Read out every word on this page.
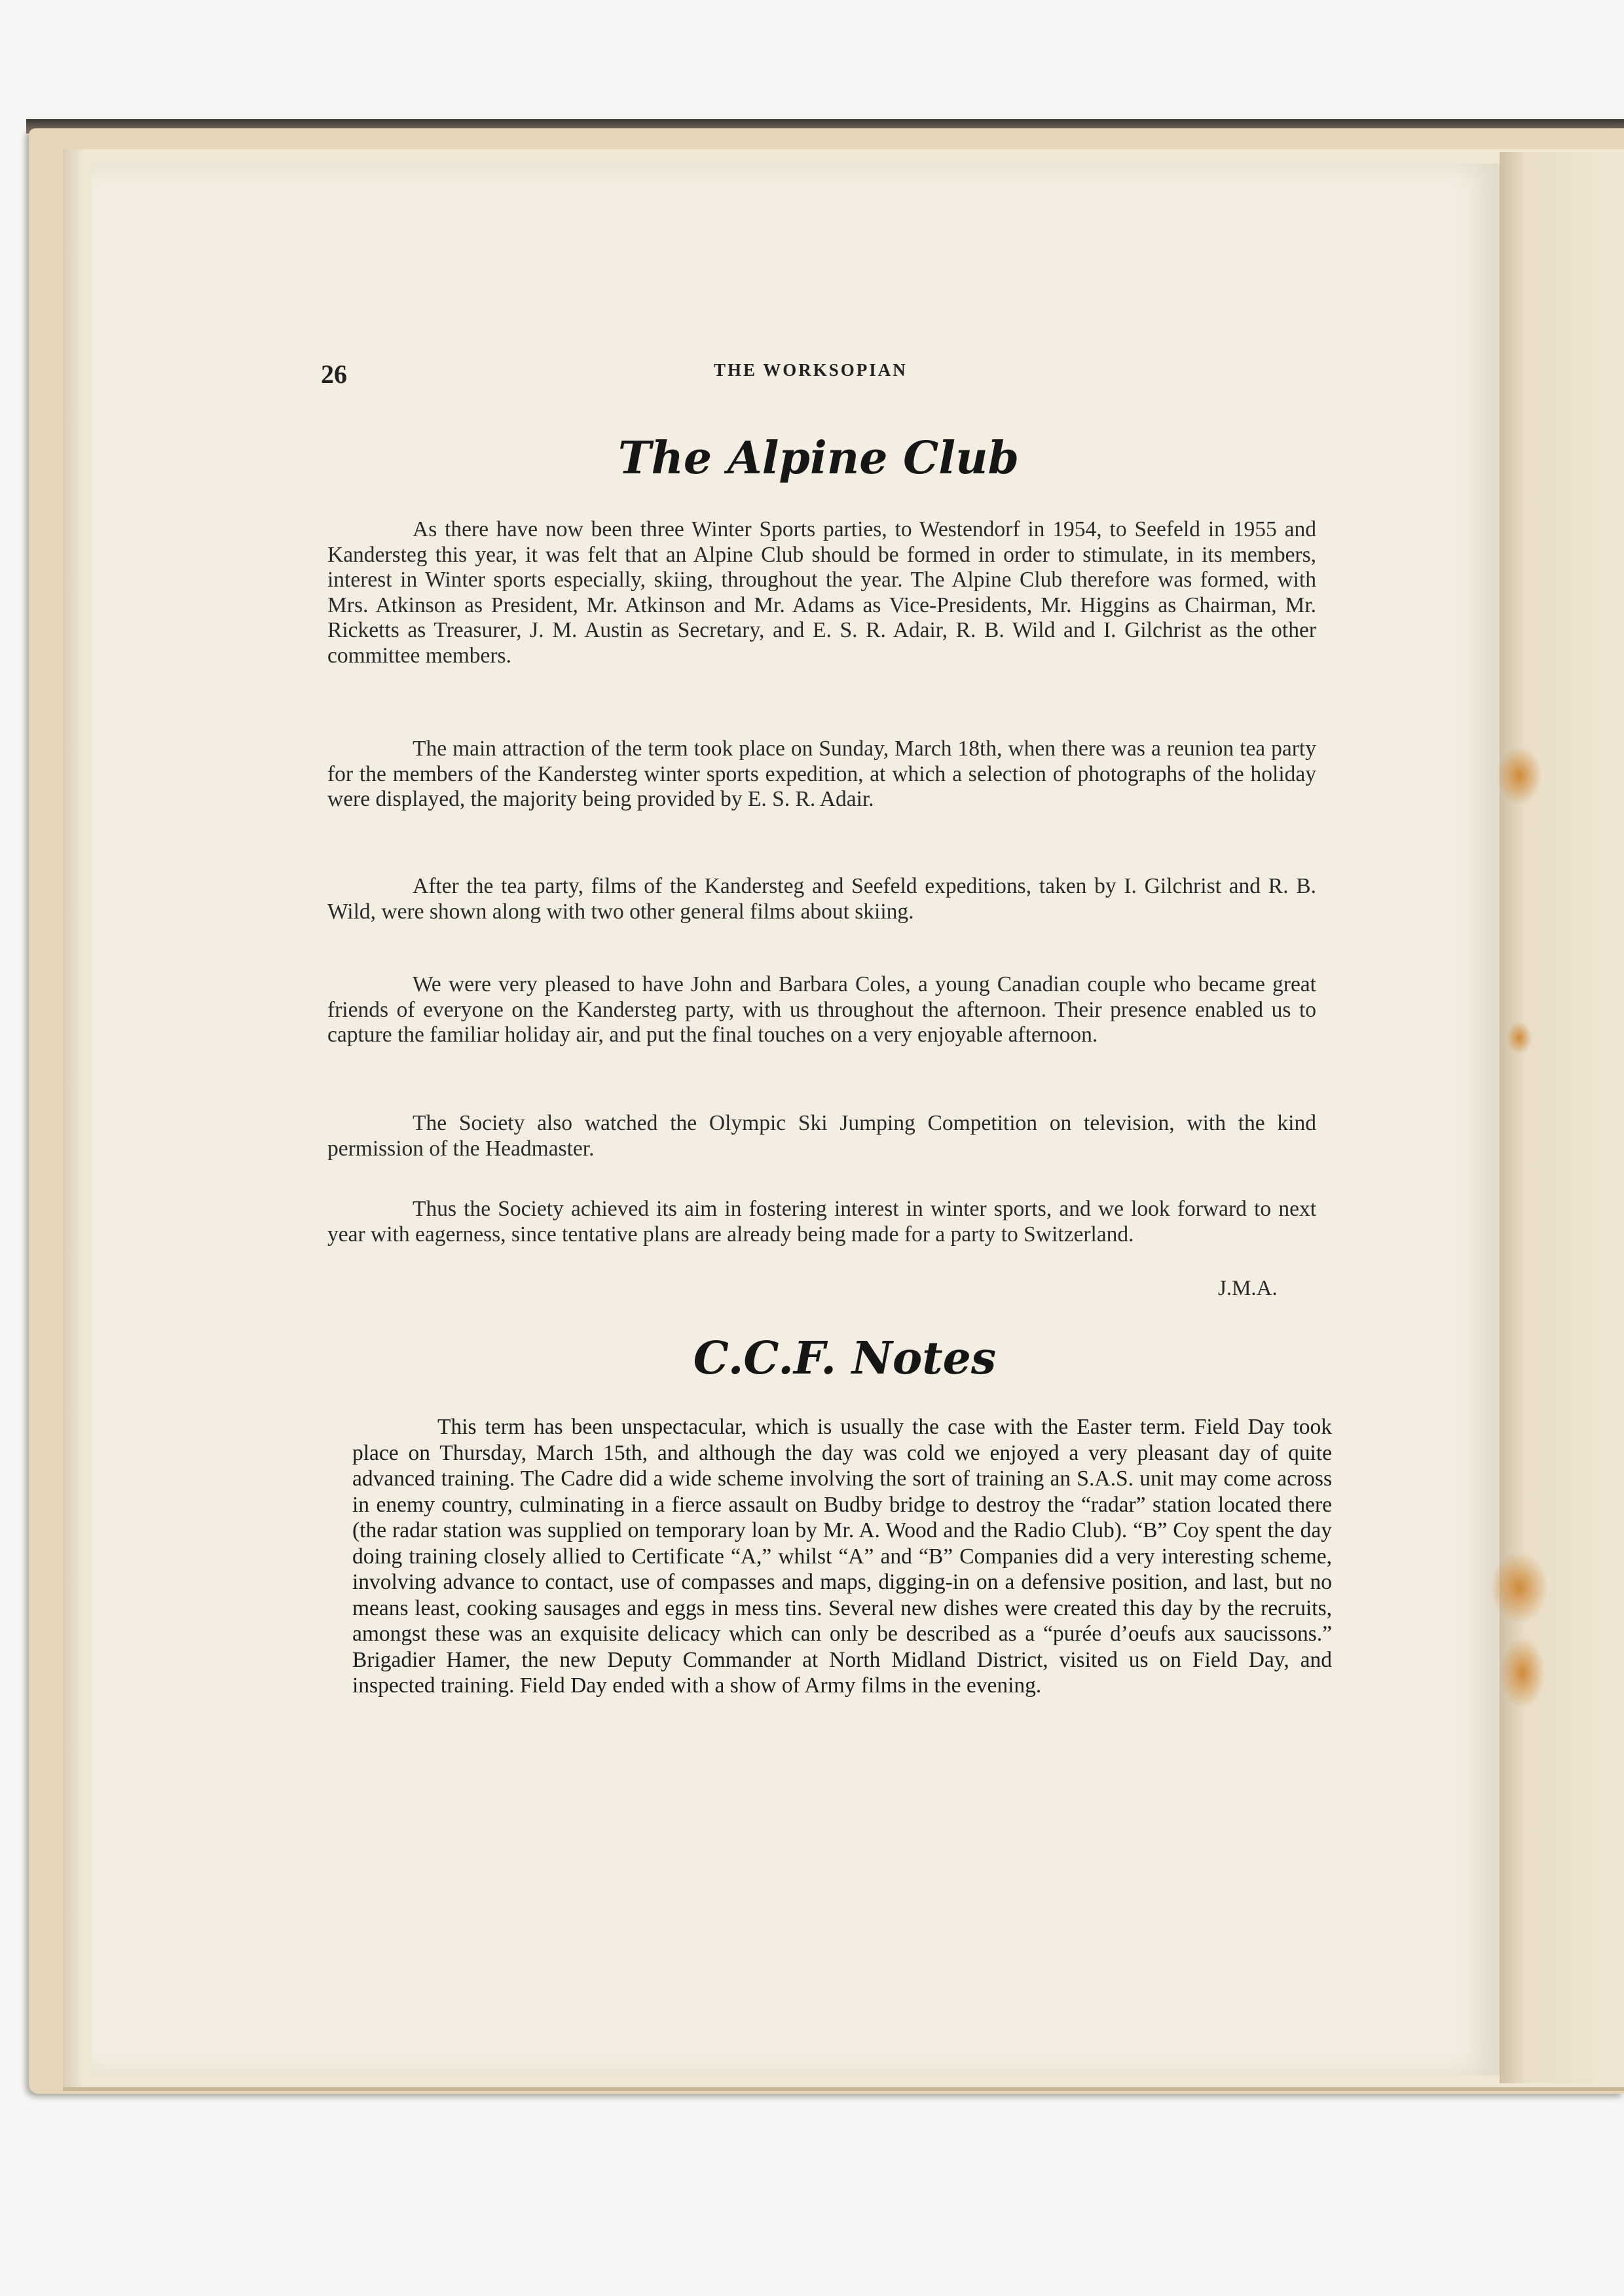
26	THE WORKSOPIAN
The Alpine Club

As there have now been three Winter Sports parties, to Westendorf in 1954, to Seefeld in 1955 and Kandersteg this year, it was felt that an Alpine Club should be formed in order to stimulate, in its members, interest in Winter sports especially, skiing, throughout the year. The Alpine Club therefore was formed, with Mrs. Atkinson as President, Mr. Atkinson and Mr. Adams as Vice-Presidents, Mr. Higgins as Chairman, Mr. Ricketts as Treasurer, J. M. Austin as Secretary, and E. S. R. Adair, R. B. Wild and I. Gilchrist as the other committee members.

The main attraction of the term took place on Sunday, March 18th, when there was a reunion tea party for the members of the Kandersteg winter sports expedition, at which a selection of photographs of the holiday were displayed, the majority being provided by E. S. R. Adair.

After the tea party, films of the Kandersteg and Seefeld expeditions, taken by I. Gilchrist and R. B. Wild, were shown along with two other general films about skiing.

We were very pleased to have John and Barbara Coles, a young Canadian couple who became great friends of everyone on the Kandersteg party, with us throughout the afternoon. Their presence enabled us to capture the familiar holiday air, and put the final touches on a very enjoyable afternoon.

The Society also watched the Olympic Ski Jumping Competition on television, with the kind permission of the Headmaster.

Thus the Society achieved its aim in fostering interest in winter sports, and we look forward to next year with eagerness, since tentative plans are already being made for a party to Switzerland.

J.M.A.
C.C.F. Notes

This term has been unspectacular, which is usually the case with the Easter term. Field Day took place on Thursday, March 15th, and although the day was cold we enjoyed a very pleasant day of quite advanced training. The Cadre did a wide scheme involving the sort of training an S.A.S. unit may come across in enemy country, culminating in a fierce assault on Budby bridge to destroy the “radar” station located there (the radar station was supplied on temporary loan by Mr. A. Wood and the Radio Club). “B” Coy spent the day doing training closely allied to Certificate “A,” whilst “A” and “B” Companies did a very interesting scheme, involving advance to contact, use of compasses and maps, digging-in on a defensive position, and last, but no means least, cooking sausages and eggs in mess tins. Several new dishes were created this day by the recruits, amongst these was an exquisite delicacy which can only be described as a “purée d’oeufs aux saucissons.” Brigadier Hamer, the new Deputy Commander at North Midland District, visited us on Field Day, and inspected training. Field Day ended with a show of Army films in the evening.
